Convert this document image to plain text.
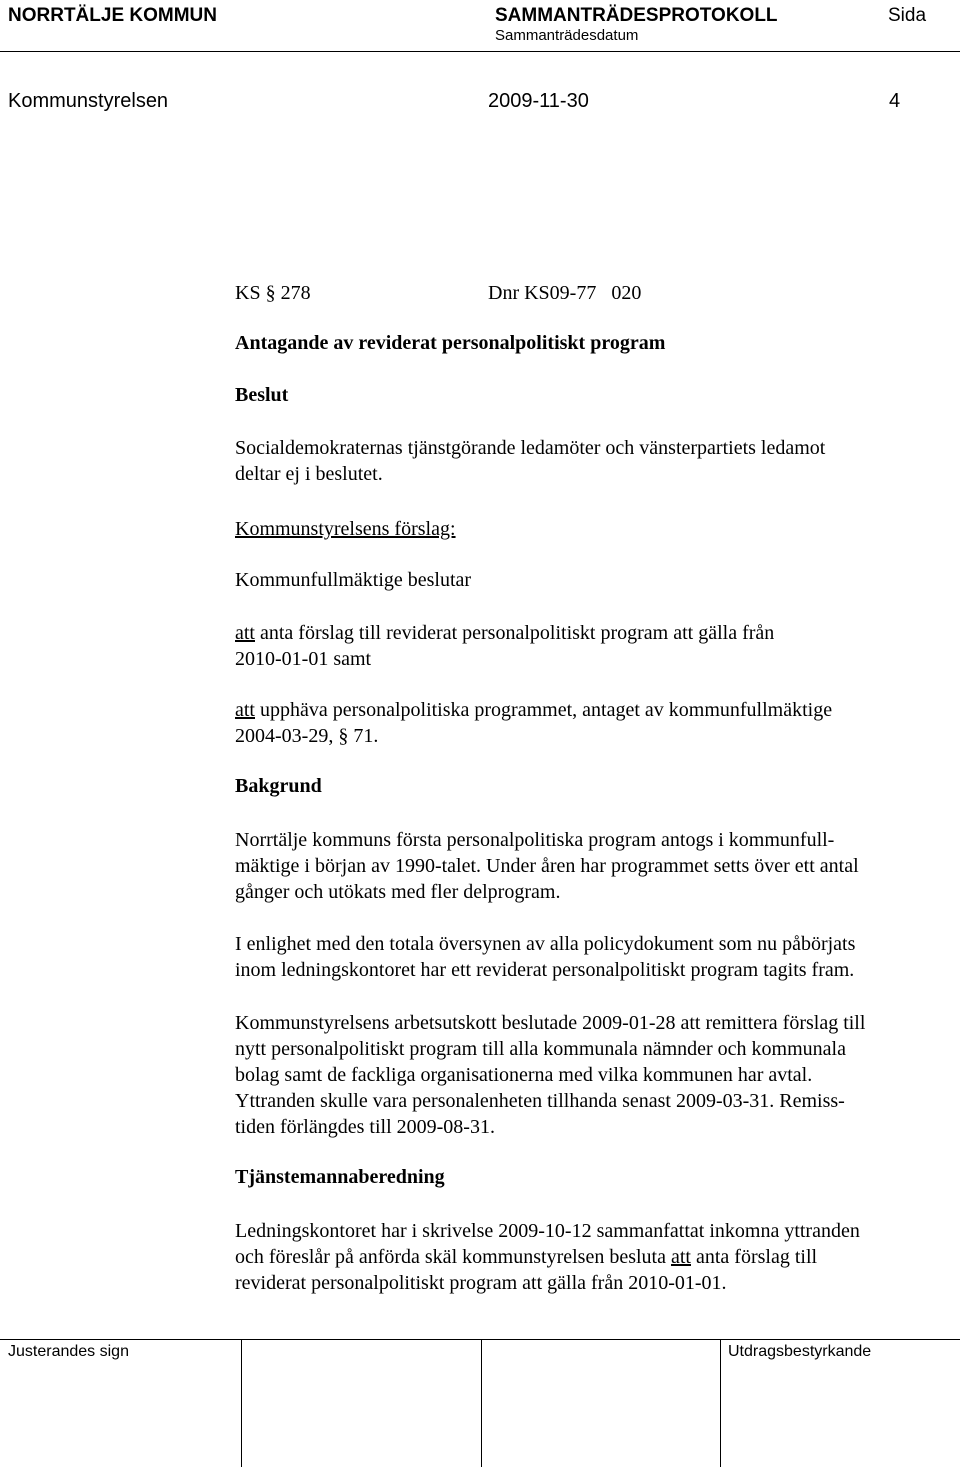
NORRTÄLJE KOMMUN	SAMMANTRÄDESPROTOKOLL	Sida
Sammanträdesdatum
Kommunstyrelsen	2009-11-30	4
KS § 278	Dnr KS09-77   020
Antagande av reviderat personalpolitiskt program
Beslut
Socialdemokraternas tjänstgörande ledamöter och vänsterpartiets ledamot
deltar ej i beslutet.
Kommunstyrelsens förslag:
Kommunfullmäktige beslutar
att anta förslag till reviderat personalpolitiskt program att gälla från
2010-01-01 samt
att upphäva personalpolitiska programmet, antaget av kommunfullmäktige
2004-03-29, § 71.
Bakgrund
Norrtälje kommuns första personalpolitiska program antogs i kommunfull-
mäktige i början av 1990-talet. Under åren har programmet setts över ett antal
gånger och utökats med fler delprogram.
I enlighet med den totala översynen av alla policydokument som nu påbörjats
inom ledningskontoret har ett reviderat personalpolitiskt program tagits fram.
Kommunstyrelsens arbetsutskott beslutade 2009-01-28 att remittera förslag till
nytt personalpolitiskt program till alla kommunala nämnder och kommunala
bolag samt de fackliga organisationerna med vilka kommunen har avtal.
Yttranden skulle vara personalenheten tillhanda senast 2009-03-31. Remiss-
tiden förlängdes till 2009-08-31.
Tjänstemannaberedning
Ledningskontoret har i skrivelse 2009-10-12 sammanfattat inkomna yttranden
och föreslår på anförda skäl kommunstyrelsen besluta att anta förslag till
reviderat personalpolitiskt program att gälla från 2010-01-01.
Justerandes sign	Utdragsbestyrkande
